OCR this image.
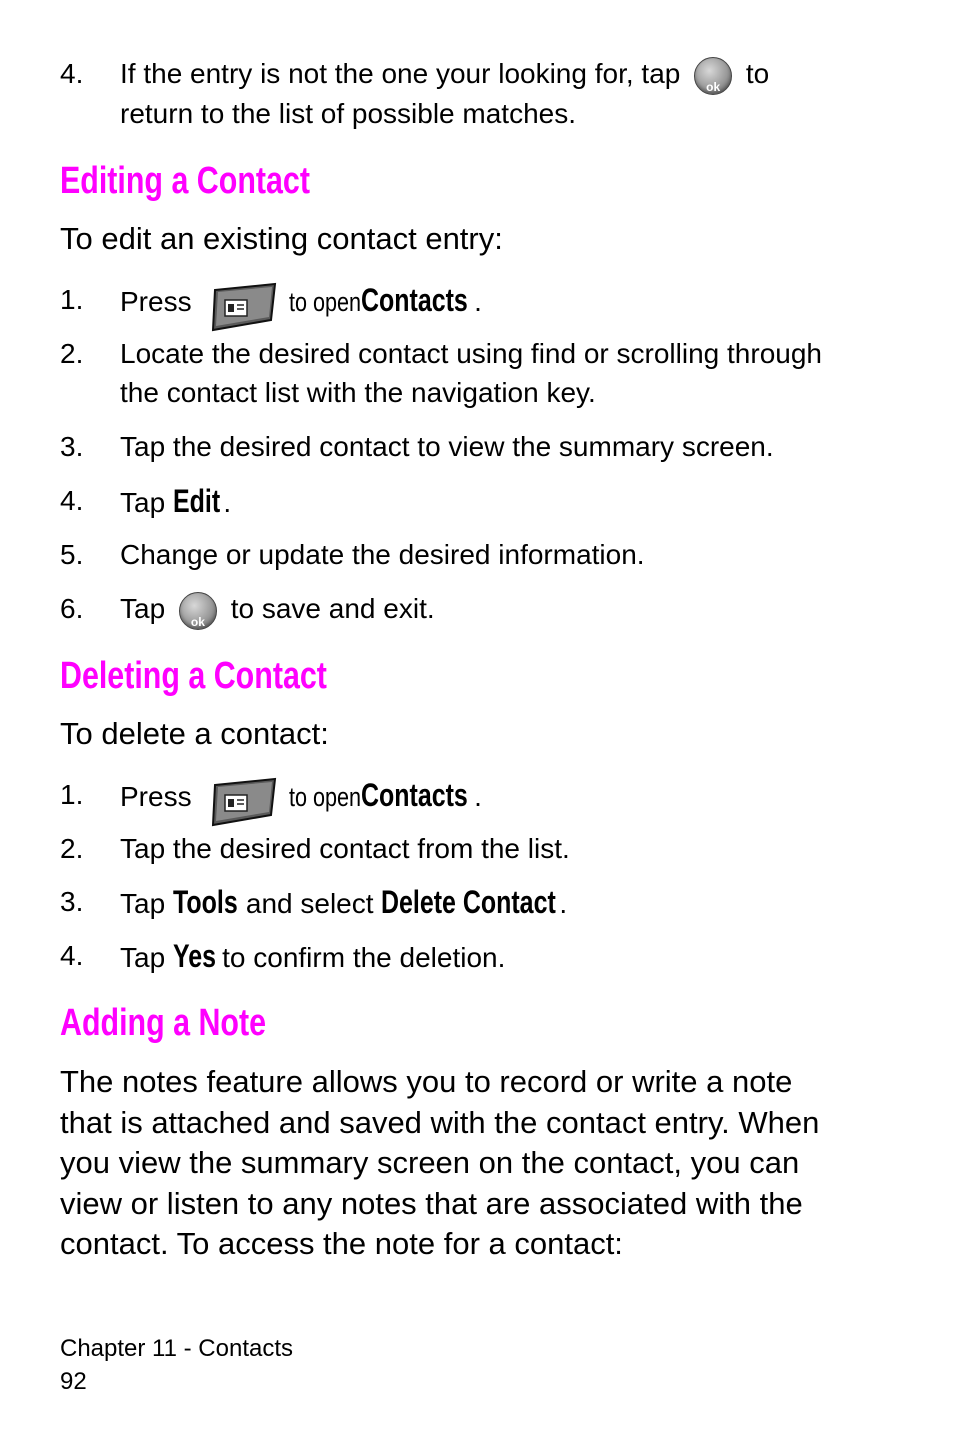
4. If the entry is not the one your looking for, tap	ok to
return to the list of possible matches.
Editing a Contact
To edit an existing contact entry:
1. Press	to openContacts .
2. Locate the desired contact using find or scrolling through
the contact list with the navigation key.
3. Tap the desired contact to view the summary screen.
4. Tap Edit .
5. Change or update the desired information.
6. Tap	ok to save and exit.
Deleting a Contact
To delete a contact:
1. Press	to openContacts .
2. Tap the desired contact from the list.
3. Tap Tools and select Delete Contact .
4. Tap Yes to confirm the deletion.
Adding a Note
The notes feature allows you to record or write a note
that is attached and saved with the contact entry. When
you view the summary screen on the contact, you can
view or listen to any notes that are associated with the
contact. To access the note for a contact:
Chapter 11 - Contacts
92
